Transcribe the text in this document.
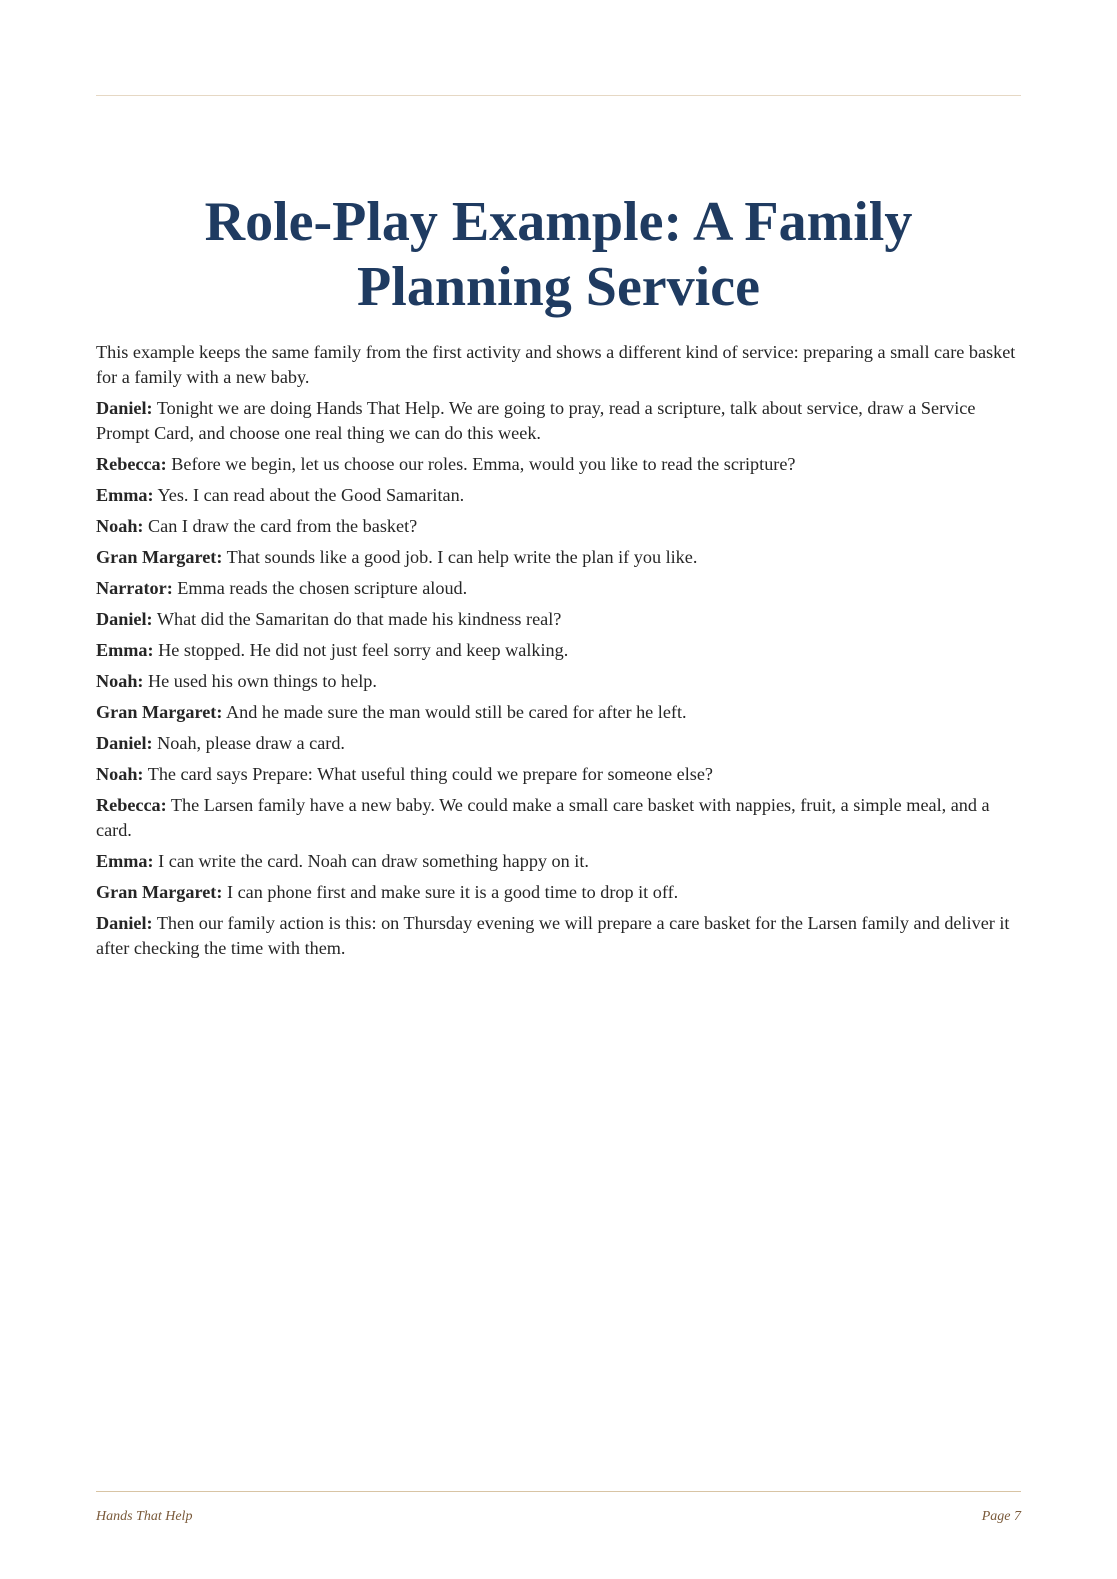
Role-Play Example: A Family Planning Service

This example keeps the same family from the first activity and shows a different kind of service: preparing a small care basket for a family with a new baby.

Daniel: Tonight we are doing Hands That Help. We are going to pray, read a scripture, talk about service, draw a Service Prompt Card, and choose one real thing we can do this week.

Rebecca: Before we begin, let us choose our roles. Emma, would you like to read the scripture?

Emma: Yes. I can read about the Good Samaritan.

Noah: Can I draw the card from the basket?

Gran Margaret: That sounds like a good job. I can help write the plan if you like.

Narrator: Emma reads the chosen scripture aloud.

Daniel: What did the Samaritan do that made his kindness real?

Emma: He stopped. He did not just feel sorry and keep walking.

Noah: He used his own things to help.

Gran Margaret: And he made sure the man would still be cared for after he left.

Daniel: Noah, please draw a card.

Noah: The card says Prepare: What useful thing could we prepare for someone else?

Rebecca: The Larsen family have a new baby. We could make a small care basket with nappies, fruit, a simple meal, and a card.

Emma: I can write the card. Noah can draw something happy on it.

Gran Margaret: I can phone first and make sure it is a good time to drop it off.

Daniel: Then our family action is this: on Thursday evening we will prepare a care basket for the Larsen family and deliver it after checking the time with them.

Hands That Help	Page 7
